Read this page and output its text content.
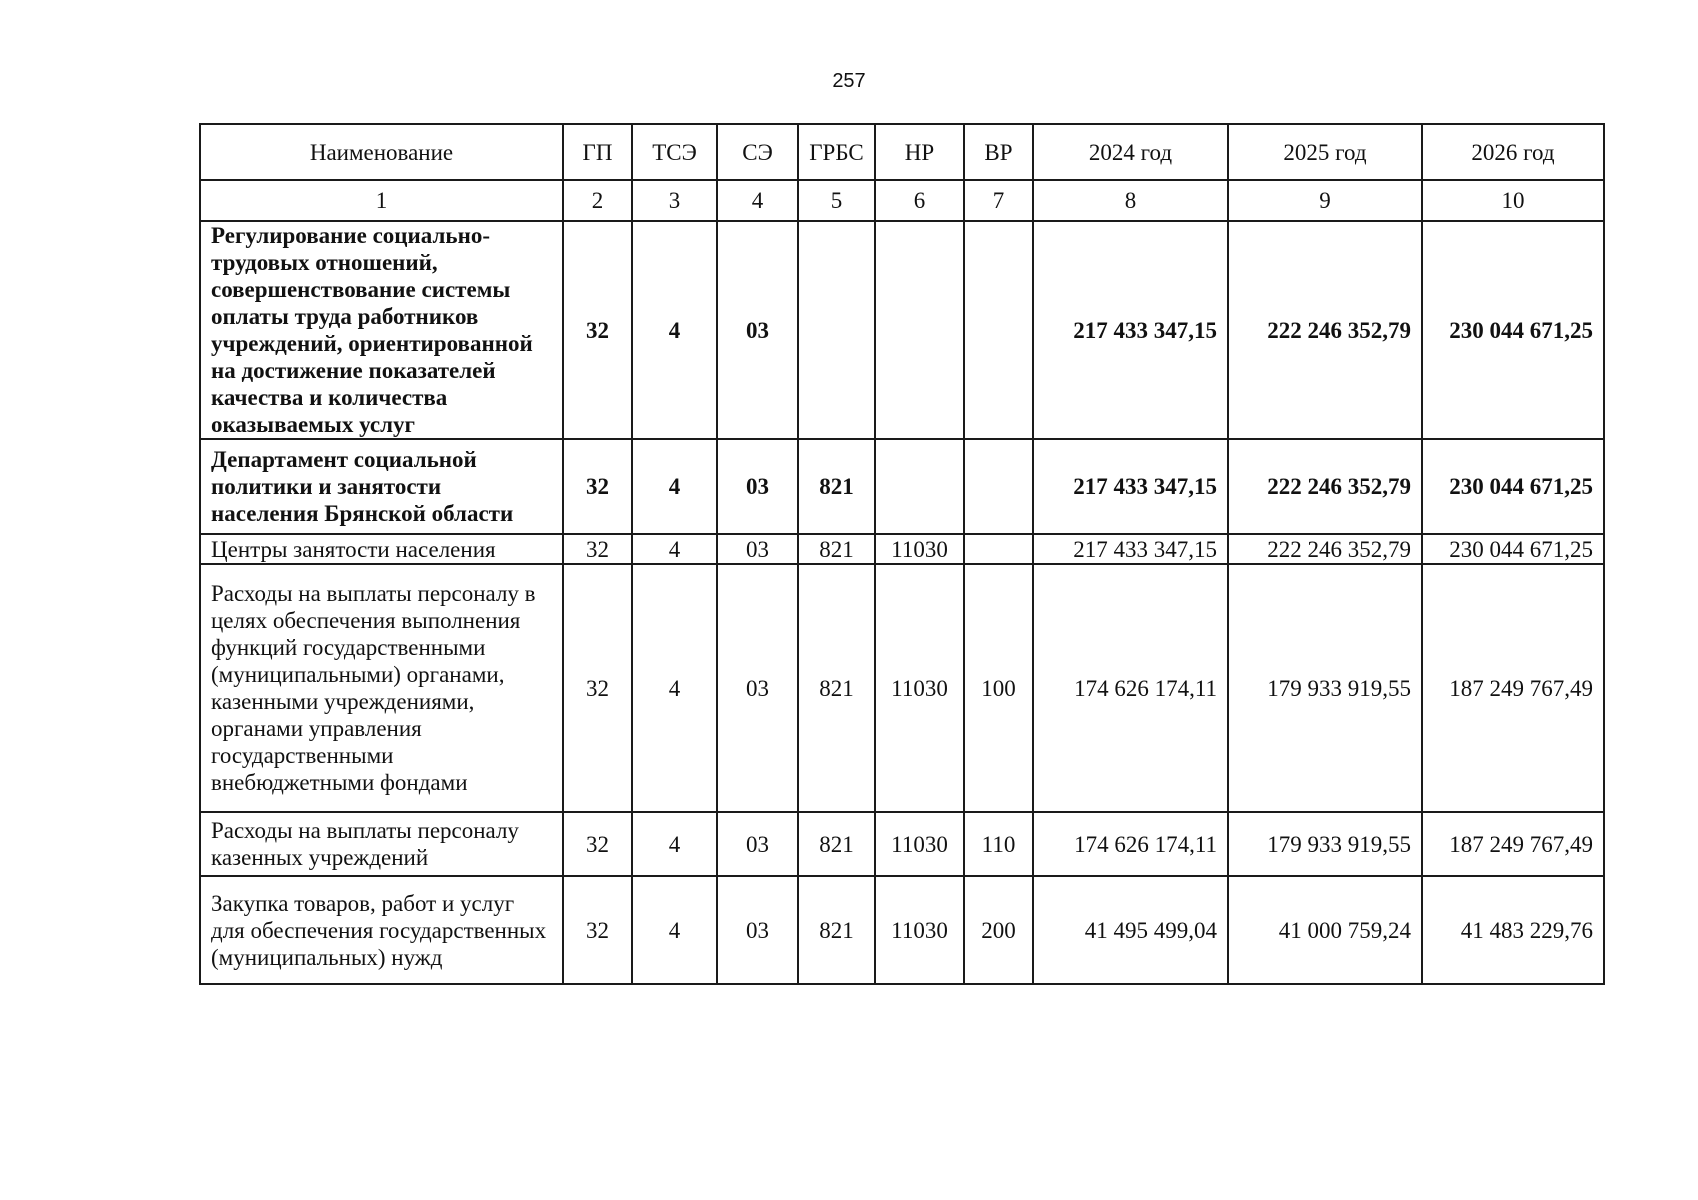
257
Наименование	ГП	ТСЭ	СЭ	ГРБС	НР	ВР	2024 год	2025 год	2026 год
1	2	3	4	5	6	7	8	9	10
Регулирование социально-трудовых отношений, совершенствование системы оплаты труда работников учреждений, ориентированной на достижение показателей качества и количества оказываемых услуг	32	4	03				217 433 347,15	222 246 352,79	230 044 671,25
Департамент социальной политики и занятости населения Брянской области	32	4	03	821			217 433 347,15	222 246 352,79	230 044 671,25
Центры занятости населения	32	4	03	821	11030		217 433 347,15	222 246 352,79	230 044 671,25
Расходы на выплаты персоналу в целях обеспечения выполнения функций государственными (муниципальными) органами, казенными учреждениями, органами управления государственными внебюджетными фондами	32	4	03	821	11030	100	174 626 174,11	179 933 919,55	187 249 767,49
Расходы на выплаты персоналу казенных учреждений	32	4	03	821	11030	110	174 626 174,11	179 933 919,55	187 249 767,49
Закупка товаров, работ и услуг для обеспечения государственных (муниципальных) нужд	32	4	03	821	11030	200	41 495 499,04	41 000 759,24	41 483 229,76
